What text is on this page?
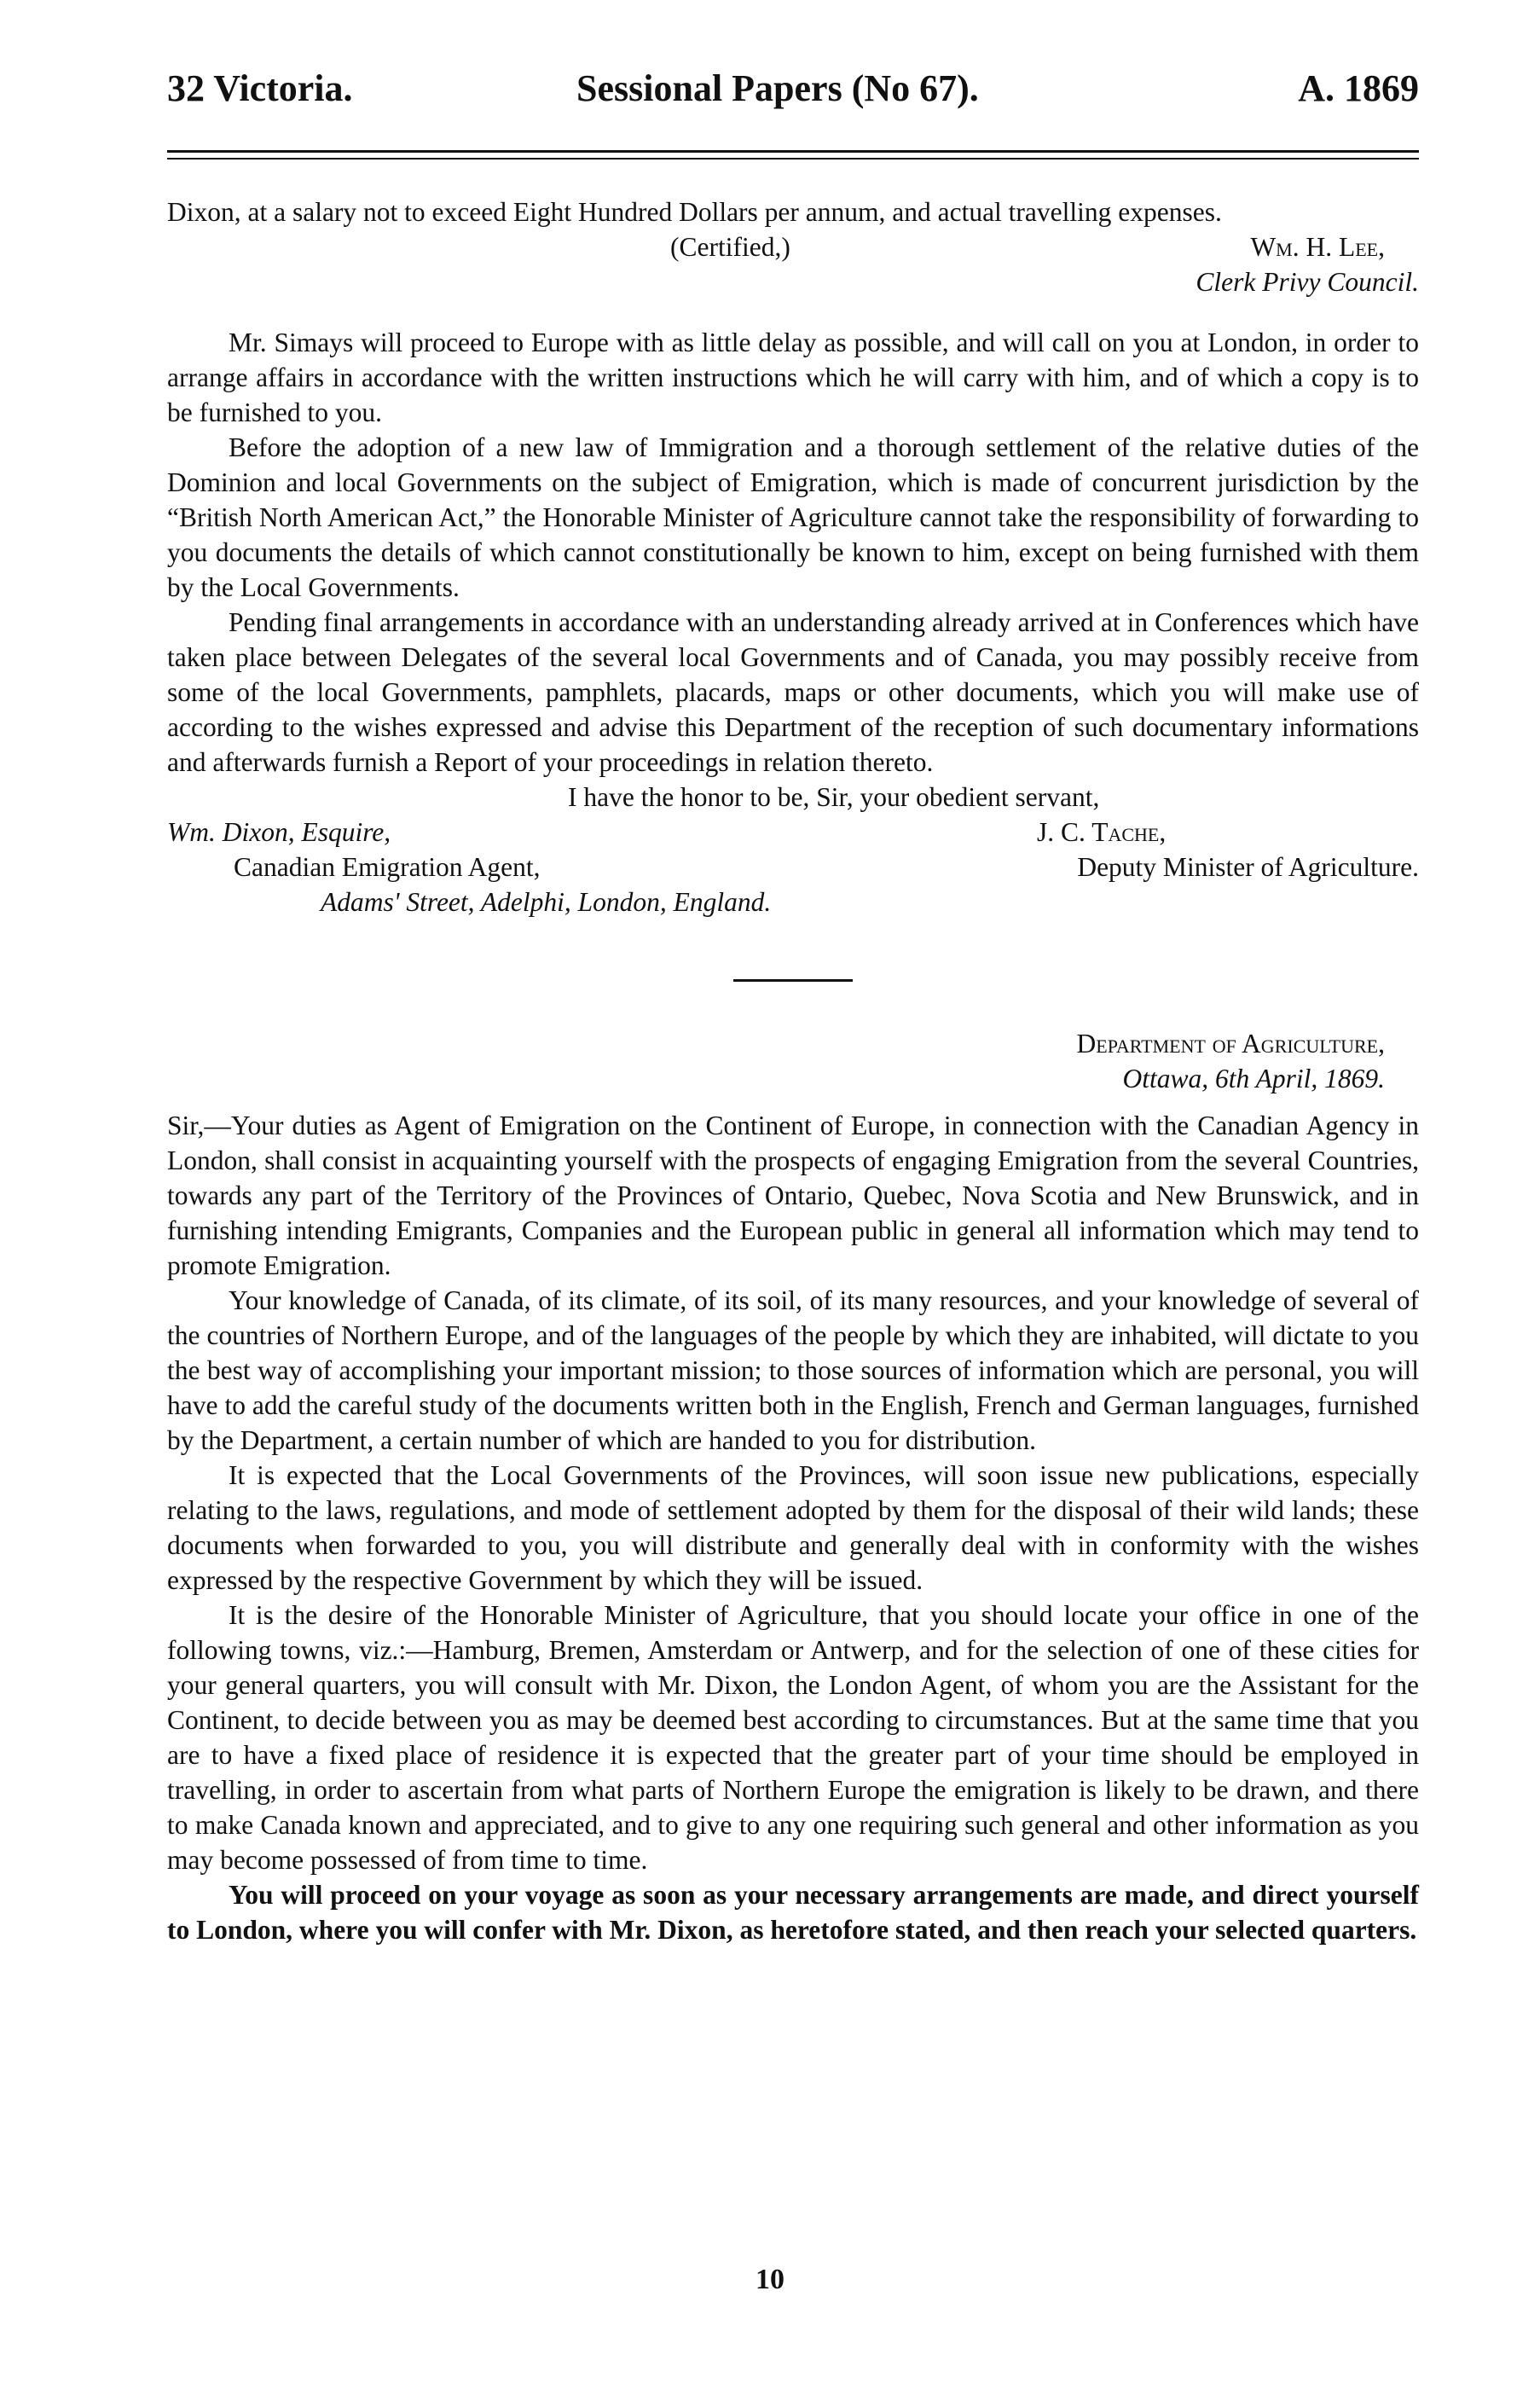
32 Victoria.	Sessional Papers (No 67).	A. 1869

Dixon, at a salary not to exceed Eight Hundred Dollars per annum, and actual travelling expenses.

(Certified,)	Wm. H. Lee,
Clerk Privy Council.

Mr. Simays will proceed to Europe with as little delay as possible, and will call on you at London, in order to arrange affairs in accordance with the written instructions which he will carry with him, and of which a copy is to be furnished to you.

Before the adoption of a new law of Immigration and a thorough settlement of the relative duties of the Dominion and local Governments on the subject of Emigration, which is made of concurrent jurisdiction by the “British North American Act,” the Honorable Minister of Agriculture cannot take the responsibility of forwarding to you documents the details of which cannot constitutionally be known to him, except on being furnished with them by the Local Governments.

Pending final arrangements in accordance with an understanding already arrived at in Conferences which have taken place between Delegates of the several local Governments and of Canada, you may possibly receive from some of the local Governments, pamphlets, placards, maps or other documents, which you will make use of according to the wishes expressed and advise this Department of the reception of such documentary informations and afterwards furnish a Report of your proceedings in relation thereto.

I have the honor to be, Sir, your obedient servant,
Wm. Dixon, Esquire,	J. C. Tache,
Canadian Emigration Agent,	Deputy Minister of Agriculture.
Adams' Street, Adelphi, London, England.
Department of Agriculture,
Ottawa, 6th April, 1869.

Sir,—Your duties as Agent of Emigration on the Continent of Europe, in connection with the Canadian Agency in London, shall consist in acquainting yourself with the prospects of engaging Emigration from the several Countries, towards any part of the Territory of the Provinces of Ontario, Quebec, Nova Scotia and New Brunswick, and in furnishing intending Emigrants, Companies and the European public in general all information which may tend to promote Emigration.

Your knowledge of Canada, of its climate, of its soil, of its many resources, and your knowledge of several of the countries of Northern Europe, and of the languages of the people by which they are inhabited, will dictate to you the best way of accomplishing your important mission; to those sources of information which are personal, you will have to add the careful study of the documents written both in the English, French and German languages, furnished by the Department, a certain number of which are handed to you for distribution.

It is expected that the Local Governments of the Provinces, will soon issue new publications, especially relating to the laws, regulations, and mode of settlement adopted by them for the disposal of their wild lands; these documents when forwarded to you, you will distribute and generally deal with in conformity with the wishes expressed by the respective Government by which they will be issued.

It is the desire of the Honorable Minister of Agriculture, that you should locate your office in one of the following towns, viz.:—Hamburg, Bremen, Amsterdam or Antwerp, and for the selection of one of these cities for your general quarters, you will consult with Mr. Dixon, the London Agent, of whom you are the Assistant for the Continent, to decide between you as may be deemed best according to circumstances. But at the same time that you are to have a fixed place of residence it is expected that the greater part of your time should be employed in travelling, in order to ascertain from what parts of Northern Europe the emigration is likely to be drawn, and there to make Canada known and appreciated, and to give to any one requiring such general and other information as you may become possessed of from time to time.

You will proceed on your voyage as soon as your necessary arrangements are made, and direct yourself to London, where you will confer with Mr. Dixon, as heretofore stated, and then reach your selected quarters.

10
